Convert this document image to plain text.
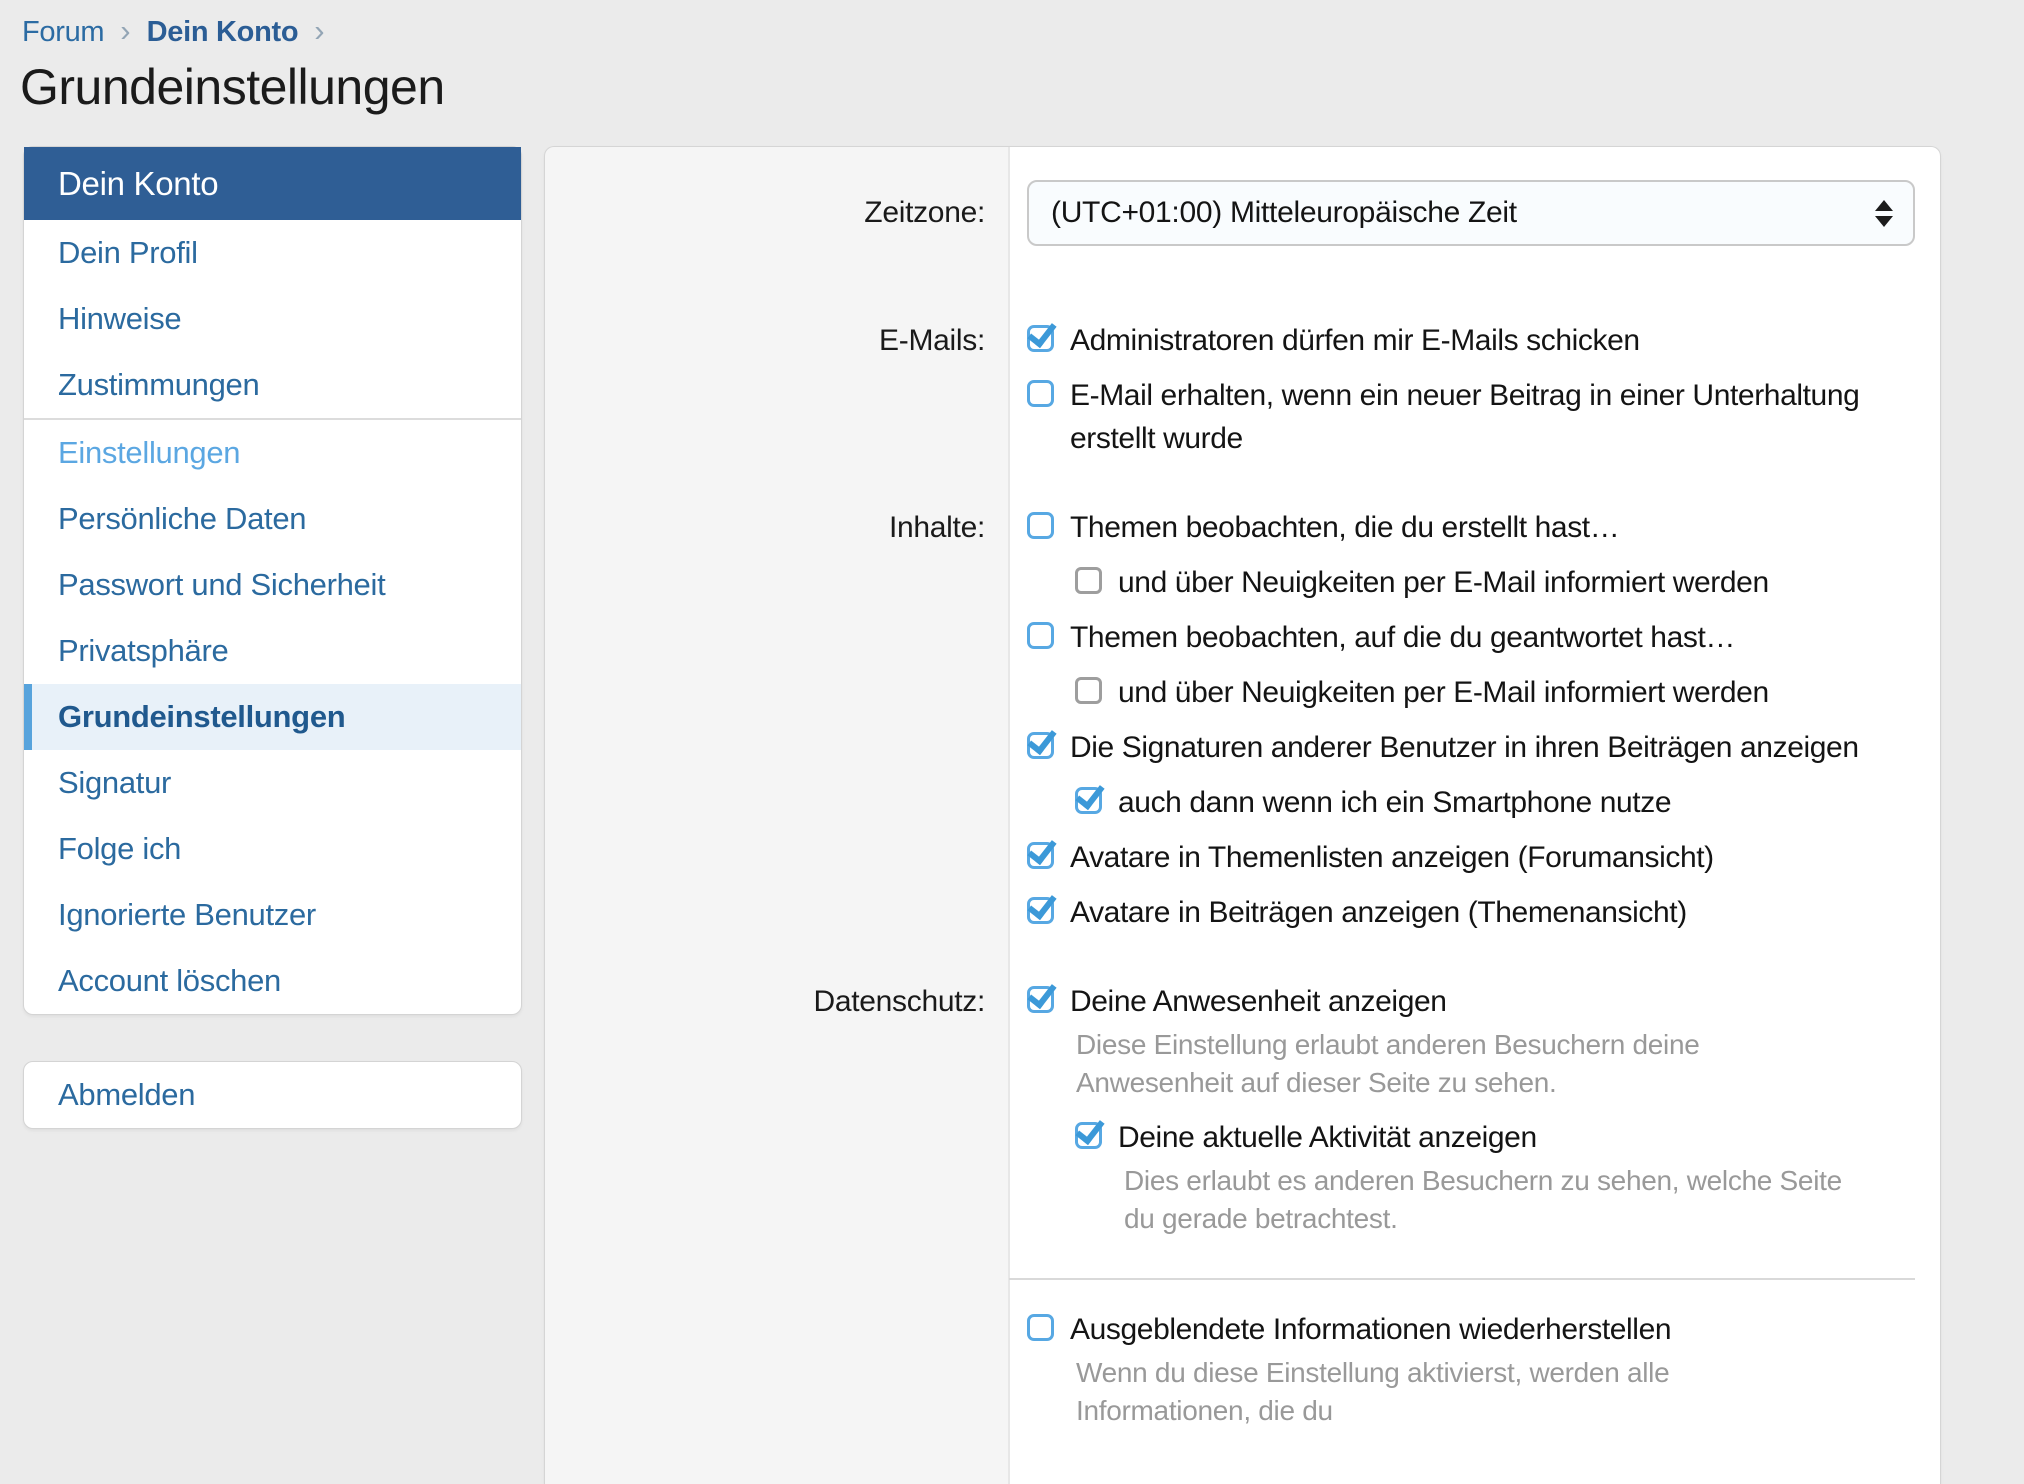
Forum › Dein Konto
›
Grundeinstellungen
Dein Konto
Dein Profil
Hinweise
Zustimmungen
Einstellungen
Persönliche Daten
Passwort und Sicherheit
Privatsphäre
Grundeinstellungen
Signatur
Folge ich
Ignorierte Benutzer
Account löschen
Abmelden
Zeitzone:	(UTC+01:00) Mitteleuropäische Zeit
E-Mails:	Administratoren dürfen mir E-Mails schicken
E-Mail erhalten, wenn ein neuer Beitrag in einer Unterhaltung erstellt wurde
Inhalte:	Themen beobachten, die du erstellt hast…
und über Neuigkeiten per E-Mail informiert werden
Themen beobachten, auf die du geantwortet hast…
und über Neuigkeiten per E-Mail informiert werden
Die Signaturen anderer Benutzer in ihren Beiträgen anzeigen
auch dann wenn ich ein Smartphone nutze
Avatare in Themenlisten anzeigen (Forumansicht)
Avatare in Beiträgen anzeigen (Themenansicht)
Datenschutz:	Deine Anwesenheit anzeigen
Diese Einstellung erlaubt anderen Besuchern deine Anwesenheit auf dieser Seite zu sehen.
Deine aktuelle Aktivität anzeigen
Dies erlaubt es anderen Besuchern zu sehen, welche Seite du gerade betrachtest.
Ausgeblendete Informationen wiederherstellen
Wenn du diese Einstellung aktivierst, werden alle Informationen, die du
